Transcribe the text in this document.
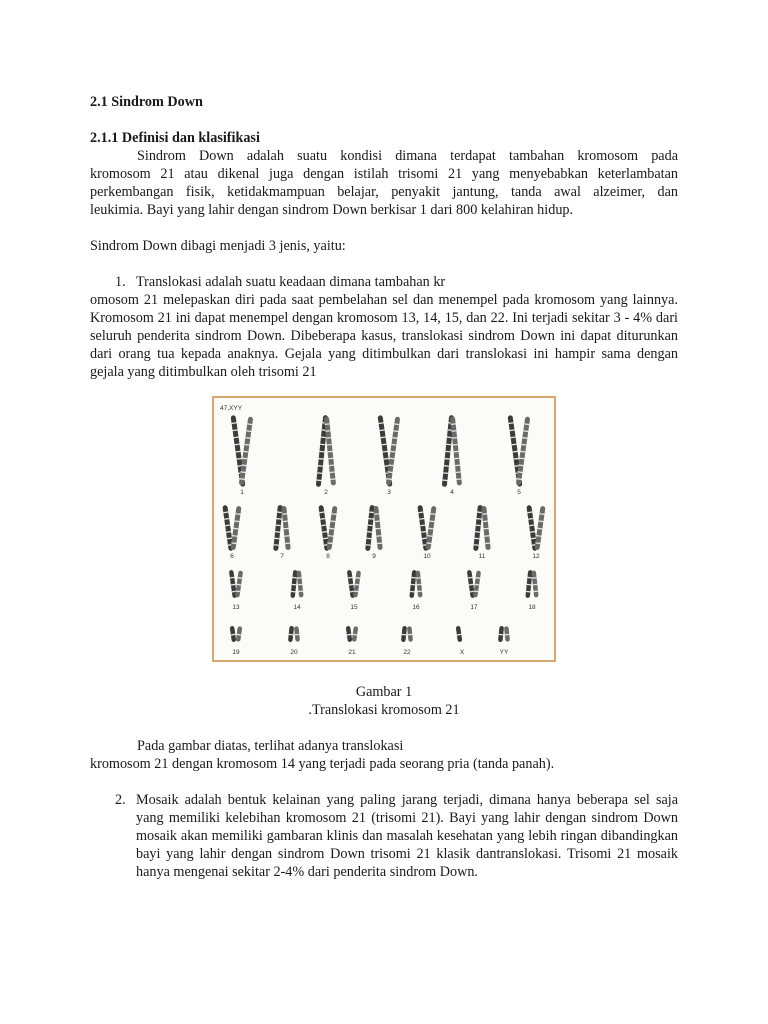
2.1 Sindrom Down

2.1.1 Definisi dan klasifikasi

Sindrom Down adalah suatu kondisi dimana terdapat tambahan kromosom pada

kromosom 21 atau dikenal juga dengan istilah trisomi 21 yang menyebabkan keterlambatan

perkembangan fisik, ketidakmampuan belajar, penyakit jantung, tanda awal alzeimer, dan

leukimia. Bayi yang lahir dengan sindrom Down berkisar 1 dari 800 kelahiran hidup.

Sindrom Down dibagi menjadi 3 jenis, yaitu:

1. Translokasi adalah suatu keadaan dimana tambahan kr

omosom 21 melepaskan diri pada saat pembelahan sel dan menempel pada kromosom yang lainnya. Kromosom 21 ini dapat menempel dengan kromosom 13, 14, 15, dan 22. Ini terjadi sekitar 3 - 4% dari seluruh penderita sindrom Down. Dibeberapa kasus, translokasi sindrom Down ini dapat diturunkan dari orang tua kepada anaknya. Gejala yang ditimbulkan dari translokasi ini hampir sama dengan gejala yang ditimbulkan oleh trisomi 21

47,XYY
1	2	3	4	5
6	7	8	9	10	11	12
13	14	15	16	17	18
19	20	21	22	X	YY

Gambar 1

.Translokasi kromosom 21

Pada gambar diatas, terlihat adanya translokasi

kromosom 21 dengan kromosom 14 yang terjadi pada seorang pria (tanda panah).

2. Mosaik adalah bentuk kelainan yang paling jarang terjadi, dimana hanya beberapa sel saja yang memiliki kelebihan kromosom 21 (trisomi 21). Bayi yang lahir dengan sindrom Down mosaik akan memiliki gambaran klinis dan masalah kesehatan yang lebih ringan dibandingkan bayi yang lahir dengan sindrom Down trisomi 21 klasik dantranslokasi. Trisomi 21 mosaik hanya mengenai sekitar 2-4% dari penderita sindrom Down.
